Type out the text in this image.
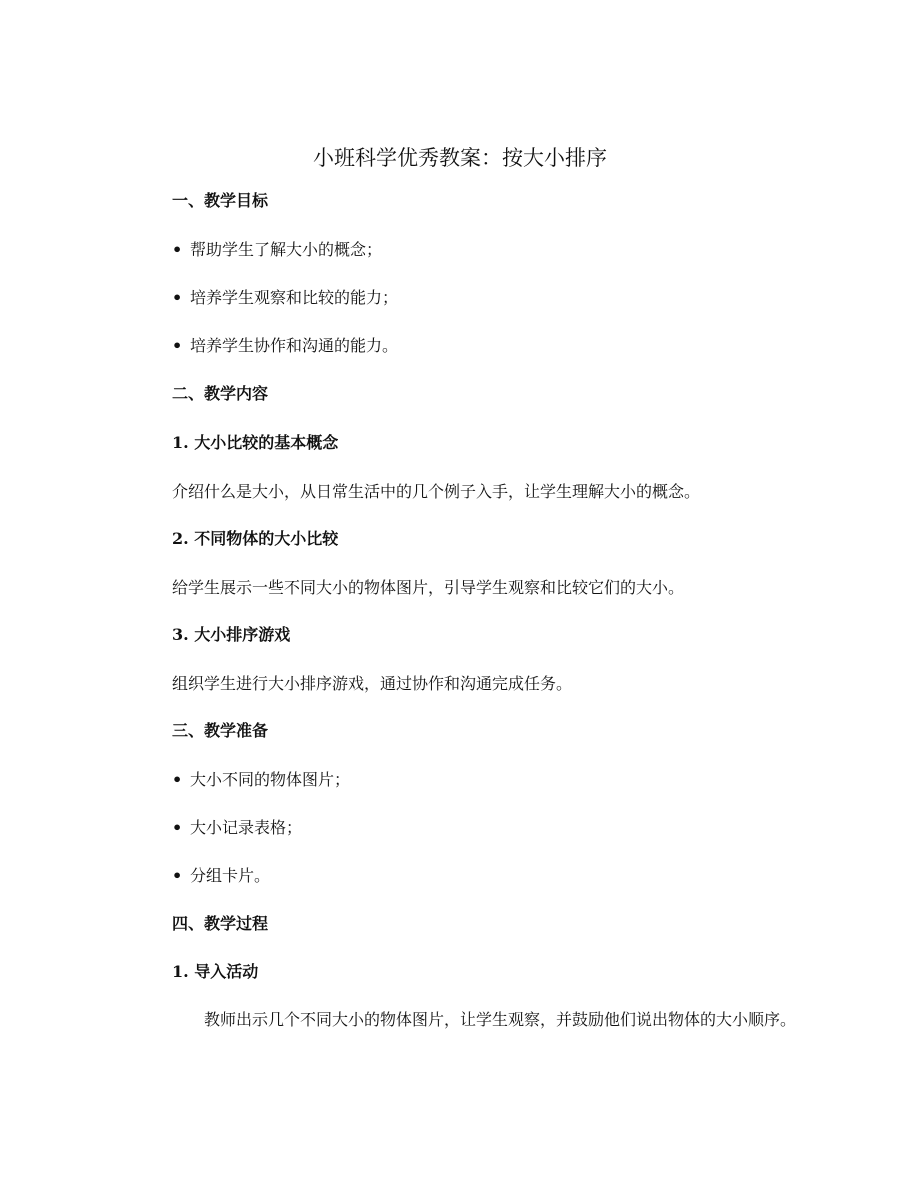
小班科学优秀教案：按大小排序

一、教学目标

• 帮助学生了解大小的概念；

• 培养学生观察和比较的能力；

• 培养学生协作和沟通的能力。

二、教学内容

1. 大小比较的基本概念

介绍什么是大小，从日常生活中的几个例子入手，让学生理解大小的概念。

2. 不同物体的大小比较

给学生展示一些不同大小的物体图片，引导学生观察和比较它们的大小。

3. 大小排序游戏

组织学生进行大小排序游戏，通过协作和沟通完成任务。

三、教学准备

• 大小不同的物体图片；

• 大小记录表格；

• 分组卡片。

四、教学过程

1. 导入活动

教师出示几个不同大小的物体图片，让学生观察，并鼓励他们说出物体的大小顺序。
